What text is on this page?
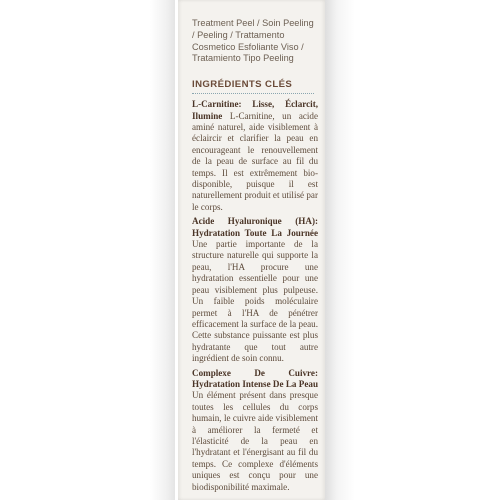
Treatment Peel / Soin Peeling / Peeling / Trattamento Cosmetico Esfoliante Viso / Tratamiento Tipo Peeling
INGRÉDIENTS CLÉS
L-Carnitine: Lisse, Éclarcit, Ilumine L-Carnitine, un acide aminé naturel, aide visiblement à éclaircir et clarifier la peau en encourageant le renouvellement de la peau de surface au fil du temps. Il est extrêmement bio-disponible, puisque il est naturellement produit et utilisé par le corps.
Acide Hyaluronique (HA): Hydratation Toute La Journée Une partie importante de la structure naturelle qui supporte la peau, l'HA procure une hydratation essentielle pour une peau visiblement plus pulpeuse. Un faible poids moléculaire permet à l'HA de pénétrer efficacement la surface de la peau. Cette substance puissante est plus hydratante que tout autre ingrédient de soin connu.
Complexe De Cuivre: Hydratation Intense De La Peau Un élément présent dans presque toutes les cellules du corps humain, le cuivre aide visiblement à améliorer la fermeté et l'élasticité de la peau en l'hydratant et l'énergisant au fil du temps. Ce complexe d'éléments uniques est conçu pour une biodisponibilité maximale.
